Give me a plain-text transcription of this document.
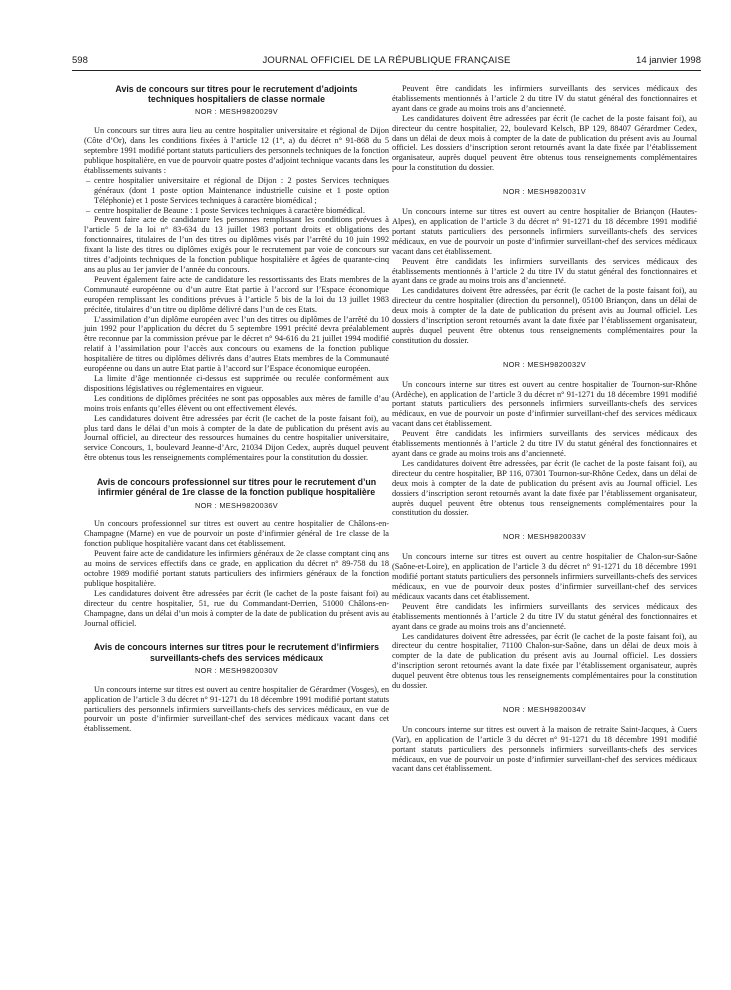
598	JOURNAL OFFICIEL DE LA RÉPUBLIQUE FRANÇAISE	14 janvier 1998
Avis de concours sur titres pour le recrutement d’adjoints techniques hospitaliers de classe normale
NOR : MESH9820029V

Un concours sur titres aura lieu au centre hospitalier universitaire et régional de Dijon (Côte d’Or), dans les conditions fixées à l’article 12 (1°, a) du décret n° 91-868 du 5 septembre 1991 modifié portant statuts particuliers des personnels techniques de la fonction publique hospitalière, en vue de pourvoir quatre postes d’adjoint technique vacants dans les établissements suivants :

– centre hospitalier universitaire et régional de Dijon : 2 postes Services techniques généraux (dont 1 poste option Maintenance industrielle cuisine et 1 poste option Téléphonie) et 1 poste Services techniques à caractère biomédical ;
– centre hospitalier de Beaune : 1 poste Services techniques à caractère biomédical.

Peuvent faire acte de candidature les personnes remplissant les conditions prévues à l’article 5 de la loi n° 83-634 du 13 juillet 1983 portant droits et obligations des fonctionnaires, titulaires de l’un des titres ou diplômes visés par l’arrêté du 10 juin 1992 fixant la liste des titres ou diplômes exigés pour le recrutement par voie de concours sur titres d’adjoints techniques de la fonction publique hospitalière et âgées de quarante-cinq ans au plus au 1er janvier de l’année du concours.

Peuvent également faire acte de candidature les ressortissants des Etats membres de la Communauté européenne ou d’un autre Etat partie à l’accord sur l’Espace économique européen remplissant les conditions prévues à l’article 5 bis de la loi du 13 juillet 1983 précitée, titulaires d’un titre ou diplôme délivré dans l’un de ces Etats.

L’assimilation d’un diplôme européen avec l’un des titres ou diplômes de l’arrêté du 10 juin 1992 pour l’application du décret du 5 septembre 1991 précité devra préalablement être reconnue par la commission prévue par le décret n° 94-616 du 21 juillet 1994 modifié relatif à l’assimilation pour l’accès aux concours ou examens de la fonction publique hospitalière de titres ou diplômes délivrés dans d’autres Etats membres de la Communauté européenne ou dans un autre Etat partie à l’accord sur l’Espace économique européen.

La limite d’âge mentionnée ci-dessus est supprimée ou reculée conformément aux dispositions législatives ou réglementaires en vigueur.

Les conditions de diplômes précitées ne sont pas opposables aux mères de famille d’au moins trois enfants qu’elles élèvent ou ont effectivement élevés.

Les candidatures doivent être adressées par écrit (le cachet de la poste faisant foi), au plus tard dans le délai d’un mois à compter de la date de publication du présent avis au Journal officiel, au directeur des ressources humaines du centre hospitalier universitaire, service Concours, 1, boulevard Jeanne-d’Arc, 21034 Dijon Cedex, auprès duquel peuvent être obtenus tous les renseignements complémentaires pour la constitution du dossier.

Avis de concours professionnel sur titres pour le recrutement d’un infirmier général de 1re classe de la fonction publique hospitalière
NOR : MESH9820036V

Un concours professionnel sur titres est ouvert au centre hospitalier de Châlons-en-Champagne (Marne) en vue de pourvoir un poste d’infirmier général de 1re classe de la fonction publique hospitalière vacant dans cet établissement.

Peuvent faire acte de candidature les infirmiers généraux de 2e classe comptant cinq ans au moins de services effectifs dans ce grade, en application du décret n° 89-758 du 18 octobre 1989 modifié portant statuts particuliers des infirmiers généraux de la fonction publique hospitalière.

Les candidatures doivent être adressées par écrit (le cachet de la poste faisant foi) au directeur du centre hospitalier, 51, rue du Commandant-Derrien, 51000 Châlons-en-Champagne, dans un délai d’un mois à compter de la date de publication du présent avis au Journal officiel.

Avis de concours internes sur titres pour le recrutement d’infirmiers surveillants-chefs des services médicaux
NOR : MESH9820030V

Un concours interne sur titres est ouvert au centre hospitalier de Gérardmer (Vosges), en application de l’article 3 du décret n° 91-1271 du 18 décembre 1991 modifié portant statuts particuliers des personnels infirmiers surveillants-chefs des services médicaux, en vue de pourvoir un poste d’infirmier surveillant-chef des services médicaux vacant dans cet établissement.

Peuvent être candidats les infirmiers surveillants des services médicaux des établissements mentionnés à l’article 2 du titre IV du statut général des fonctionnaires et ayant dans ce grade au moins trois ans d’ancienneté.

Les candidatures doivent être adressées par écrit (le cachet de la poste faisant foi), au directeur du centre hospitalier, 22, boulevard Kelsch, BP 129, 88407 Gérardmer Cedex, dans un délai de deux mois à compter de la date de publication du présent avis au Journal officiel. Les dossiers d’inscription seront retournés avant la date fixée par l’établissement organisateur, auprès duquel peuvent être obtenus tous renseignements complémentaires pour la constitution du dossier.

NOR : MESH9820031V

Un concours interne sur titres est ouvert au centre hospitalier de Briançon (Hautes-Alpes), en application de l’article 3 du décret n° 91-1271 du 18 décembre 1991 modifié portant statuts particuliers des personnels infirmiers surveillants-chefs des services médicaux, en vue de pourvoir un poste d’infirmier surveillant-chef des services médicaux vacant dans cet établissement.

Peuvent être candidats les infirmiers surveillants des services médicaux des établissements mentionnés à l’article 2 du titre IV du statut général des fonctionnaires et ayant dans ce grade au moins trois ans d’ancienneté.

Les candidatures doivent être adressées, par écrit (le cachet de la poste faisant foi), au directeur du centre hospitalier (direction du personnel), 05100 Briançon, dans un délai de deux mois à compter de la date de publication du présent avis au Journal officiel. Les dossiers d’inscription seront retournés avant la date fixée par l’établissement organisateur, auprès duquel peuvent être obtenus tous renseignements complémentaires pour la constitution du dossier.

NOR : MESH9820032V

Un concours interne sur titres est ouvert au centre hospitalier de Tournon-sur-Rhône (Ardèche), en application de l’article 3 du décret n° 91-1271 du 18 décembre 1991 modifié portant statuts particuliers des personnels infirmiers surveillants-chefs des services médicaux, en vue de pourvoir un poste d’infirmier surveillant-chef des services médicaux vacant dans cet établissement.

Peuvent être candidats les infirmiers surveillants des services médicaux des établissements mentionnés à l’article 2 du titre IV du statut général des fonctionnaires et ayant dans ce grade au moins trois ans d’ancienneté.

Les candidatures doivent être adressées, par écrit (le cachet de la poste faisant foi), au directeur du centre hospitalier, BP 116, 07301 Tournon-sur-Rhône Cedex, dans un délai de deux mois à compter de la date de publication du présent avis au Journal officiel. Les dossiers d’inscription seront retournés avant la date fixée par l’établissement organisateur, auprès duquel peuvent être obtenus tous renseignements complémentaires pour la constitution du dossier.

NOR : MESH9820033V

Un concours interne sur titres est ouvert au centre hospitalier de Chalon-sur-Saône (Saône-et-Loire), en application de l’article 3 du décret n° 91-1271 du 18 décembre 1991 modifié portant statuts particuliers des personnels infirmiers surveillants-chefs des services médicaux, en vue de pourvoir deux postes d’infirmier surveillant-chef des services médicaux vacants dans cet établissement.

Peuvent être candidats les infirmiers surveillants des services médicaux des établissements mentionnés à l’article 2 du titre IV du statut général des fonctionnaires et ayant dans ce grade au moins trois ans d’ancienneté.

Les candidatures doivent être adressées, par écrit (le cachet de la poste faisant foi), au directeur du centre hospitalier, 71100 Chalon-sur-Saône, dans un délai de deux mois à compter de la date de publication du présent avis au Journal officiel. Les dossiers d’inscription seront retournés avant la date fixée par l’établissement organisateur, auprès duquel peuvent être obtenus tous les renseignements complémentaires pour la constitution du dossier.

NOR : MESH9820034V

Un concours interne sur titres est ouvert à la maison de retraite Saint-Jacques, à Cuers (Var), en application de l’article 3 du décret n° 91-1271 du 18 décembre 1991 modifié portant statuts particuliers des personnels infirmiers surveillants-chefs des services médicaux, en vue de pourvoir un poste d’infirmier surveillant-chef des services médicaux vacant dans cet établissement.
